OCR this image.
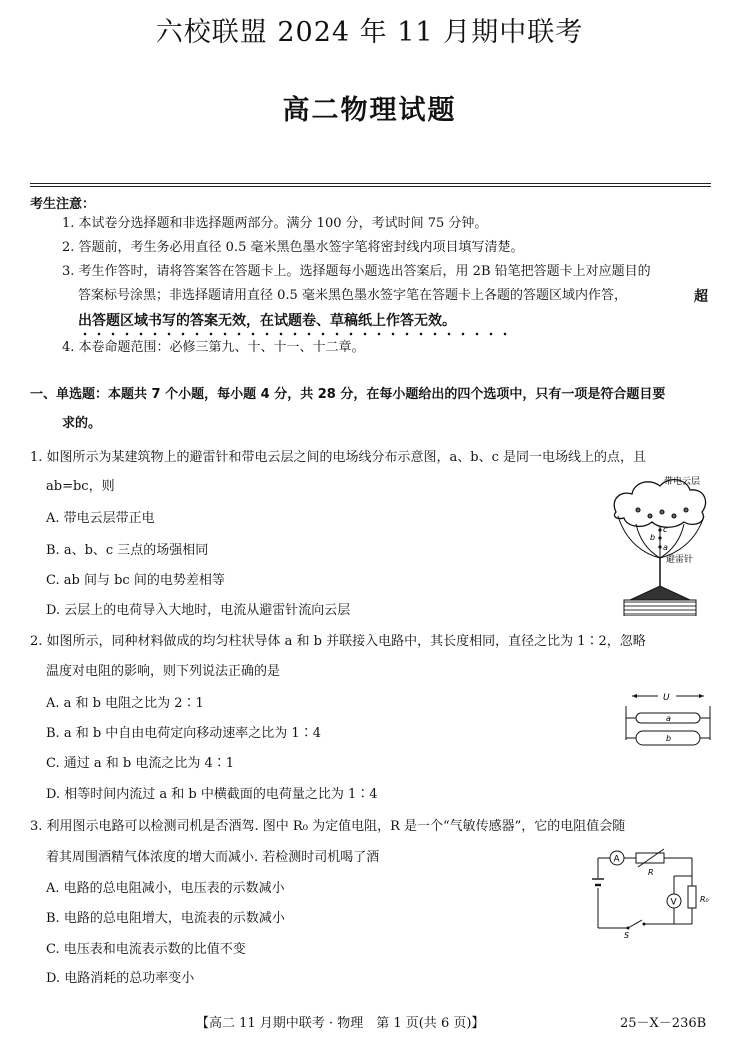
六校联盟 2024 年 11 月期中联考
高二物理试题
考生注意：
1. 本试卷分选择题和非选择题两部分。满分 100 分，考试时间 75 分钟。
2. 答题前，考生务必用直径 0.5 毫米黑色墨水签字笔将密封线内项目填写清楚。
3. 考生作答时，请将答案答在答题卡上。选择题每小题选出答案后，用 2B 铅笔把答题卡上对应题目的
答案标号涂黑；非选择题请用直径 0.5 毫米黑色墨水签字笔在答题卡上各题的答题区域内作答，	超
出答题区域书写的答案无效，在试题卷、草稿纸上作答无效。
4. 本卷命题范围：必修三第九、十、十一、十二章。
一、单选题：本题共 7 个小题，每小题 4 分，共 28 分，在每小题给出的四个选项中，只有一项是符合题目要
求的。
1. 如图所示为某建筑物上的避雷针和带电云层之间的电场线分布示意图，a、b、c 是同一电场线上的点，且
ab=bc，则
A. 带电云层带正电
B. a、b、c 三点的场强相同
C. ab 间与 bc 间的电势差相等
D. 云层上的电荷导入大地时，电流从避雷针流向云层
c
b
a
带电云层
避雷针
2. 如图所示，同种材料做成的均匀柱状导体 a 和 b 并联接入电路中，其长度相同，直径之比为 1∶2，忽略
温度对电阻的影响，则下列说法正确的是
A. a 和 b 电阻之比为 2∶1
B. a 和 b 中自由电荷定向移动速率之比为 1∶4
C. 通过 a 和 b 电流之比为 4∶1
D. 相等时间内流过 a 和 b 中横截面的电荷量之比为 1∶4
U
a
b
3. 利用图示电路可以检测司机是否酒驾. 图中 R₀ 为定值电阻，R 是一个“气敏传感器”，它的电阻值会随
着其周围酒精气体浓度的增大而减小. 若检测时司机喝了酒
A. 电路的总电阻减小，电压表的示数减小
B. 电路的总电阻增大，电流表的示数减小
C. 电压表和电流表示数的比值不变
D. 电路消耗的总功率变小
A
R
V	R₀
S
【高二 11 月期中联考 · 物理　第 1 页(共 6 页)】	25－X－236B
